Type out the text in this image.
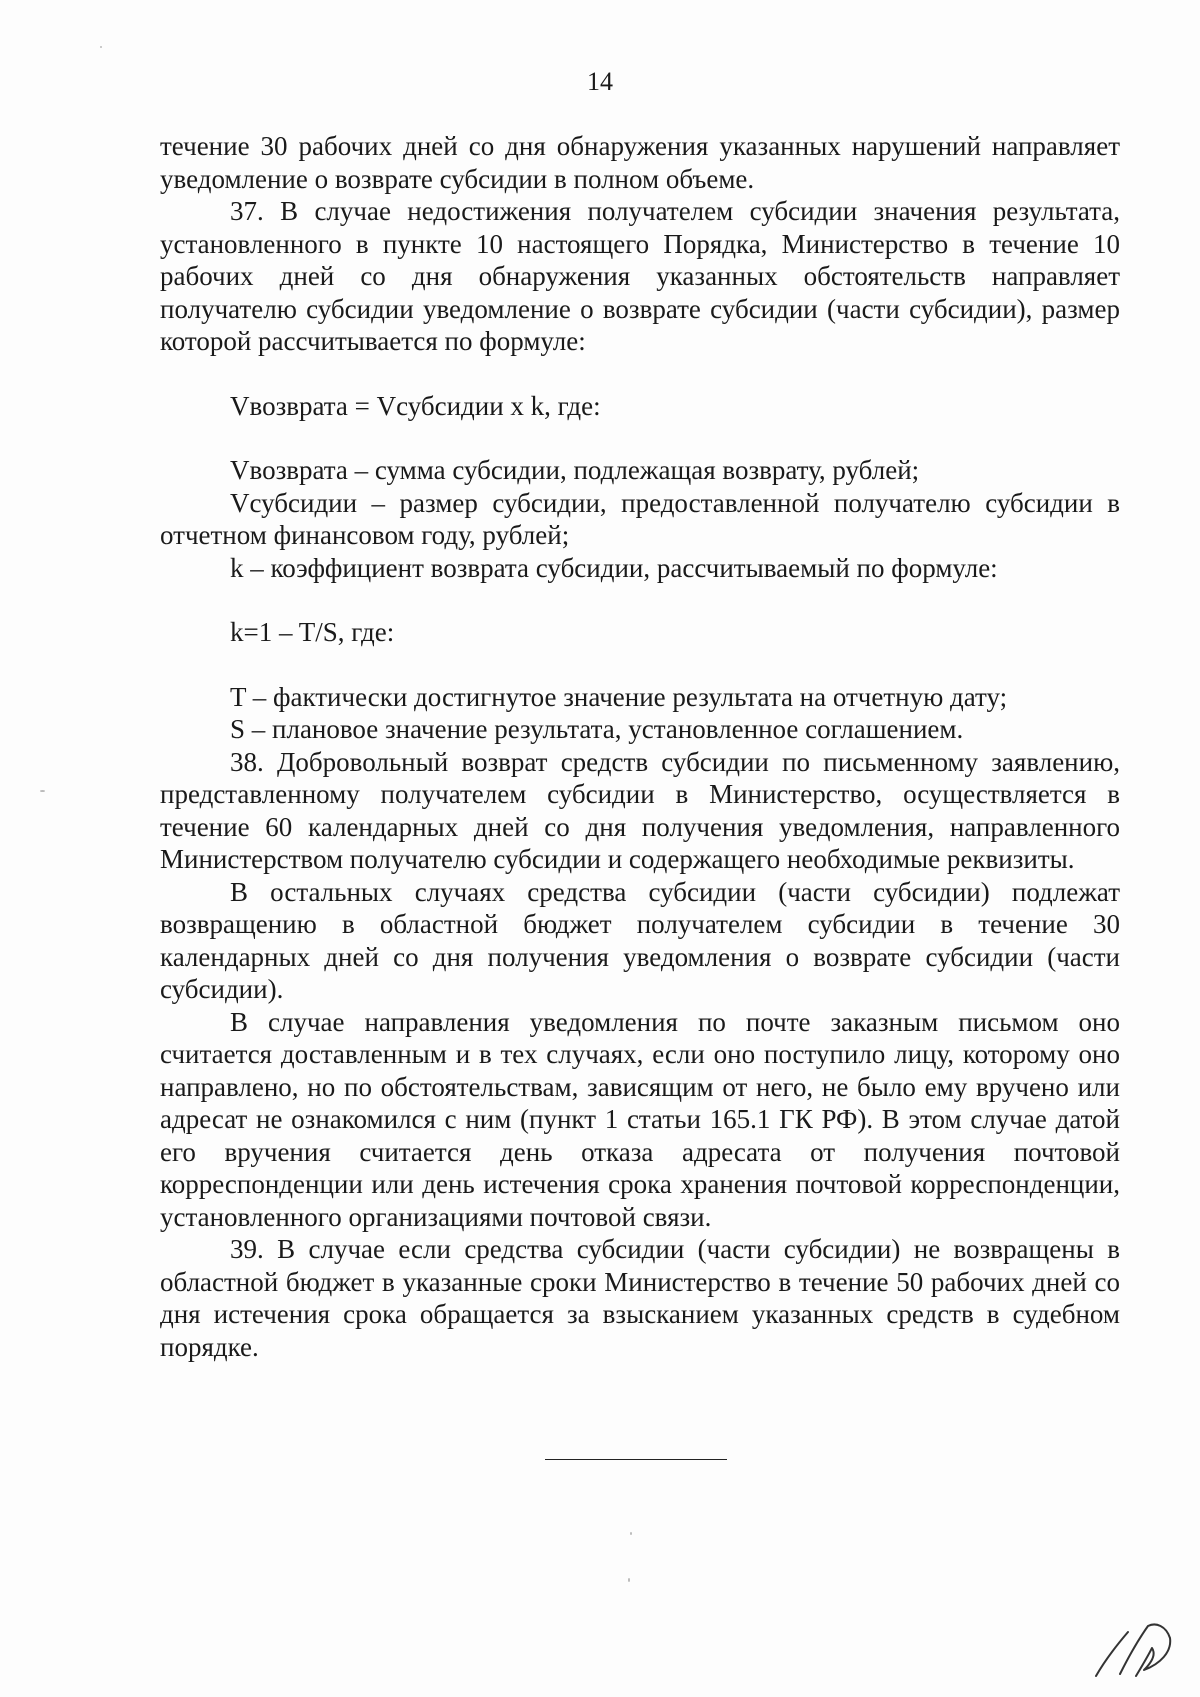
14

течение 30 рабочих дней со дня обнаружения указанных нарушений направляет уведомление о возврате субсидии в полном объеме.

37. В случае недостижения получателем субсидии значения результата, установленного в пункте 10 настоящего Порядка, Министерство в течение 10 рабочих дней со дня обнаружения указанных обстоятельств направляет получателю субсидии уведомление о возврате субсидии (части субсидии), размер которой рассчитывается по формуле:

Vвозврата = Vсубсидии x k, где:

Vвозврата – сумма субсидии, подлежащая возврату, рублей;

Vсубсидии – размер субсидии, предоставленной получателю субсидии в отчетном финансовом году, рублей;

k – коэффициент возврата субсидии, рассчитываемый по формуле:

k=1 – T/S, где:

T – фактически достигнутое значение результата на отчетную дату;

S – плановое значение результата, установленное соглашением.

38. Добровольный возврат средств субсидии по письменному заявлению, представленному получателем субсидии в Министерство, осуществляется в течение 60 календарных дней со дня получения уведомления, направленного Министерством получателю субсидии и содержащего необходимые реквизиты.

В остальных случаях средства субсидии (части субсидии) подлежат возвращению в областной бюджет получателем субсидии в течение 30 календарных дней со дня получения уведомления о возврате субсидии (части субсидии).

В случае направления уведомления по почте заказным письмом оно считается доставленным и в тех случаях, если оно поступило лицу, которому оно направлено, но по обстоятельствам, зависящим от него, не было ему вручено или адресат не ознакомился с ним (пункт 1 статьи 165.1 ГК РФ). В этом случае датой его вручения считается день отказа адресата от получения почтовой корреспонденции или день истечения срока хранения почтовой корреспонденции, установленного организациями почтовой связи.

39. В случае если средства субсидии (части субсидии) не возвращены в областной бюджет в указанные сроки Министерство в течение 50 рабочих дней со дня истечения срока обращается за взысканием указанных средств в судебном порядке.
